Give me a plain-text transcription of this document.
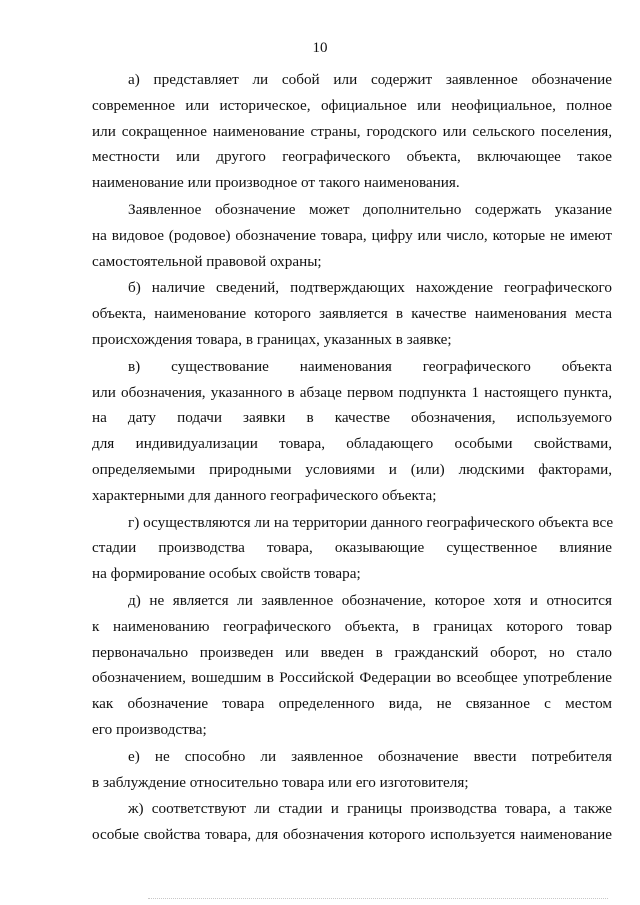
10
а) представляет ли собой или содержит заявленное обозначение
современное или историческое, официальное или неофициальное, полное
или сокращенное наименование страны, городского или сельского поселения,
местности или другого географического объекта, включающее такое
наименование или производное от такого наименования.
Заявленное обозначение может дополнительно содержать указание
на видовое (родовое) обозначение товара, цифру или число, которые не имеют
самостоятельной правовой охраны;
б) наличие сведений, подтверждающих нахождение географического
объекта, наименование которого заявляется в качестве наименования места
происхождения товара, в границах, указанных в заявке;
в) существование наименования географического объекта
или обозначения, указанного в абзаце первом подпункта 1 настоящего пункта,
на дату подачи заявки в качестве обозначения, используемого
для индивидуализации товара, обладающего особыми свойствами,
определяемыми природными условиями и (или) людскими факторами,
характерными для данного географического объекта;
г) осуществляются ли на территории данного географического объекта все
стадии производства товара, оказывающие существенное влияние
на формирование особых свойств товара;
д) не является ли заявленное обозначение, которое хотя и относится
к наименованию географического объекта, в границах которого товар
первоначально произведен или введен в гражданский оборот, но стало
обозначением, вошедшим в Российской Федерации во всеобщее употребление
как обозначение товара определенного вида, не связанное с местом
его производства;
е) не способно ли заявленное обозначение ввести потребителя
в заблуждение относительно товара или его изготовителя;
ж) соответствуют ли стадии и границы производства товара, а также
особые свойства товара, для обозначения которого используется наименование
